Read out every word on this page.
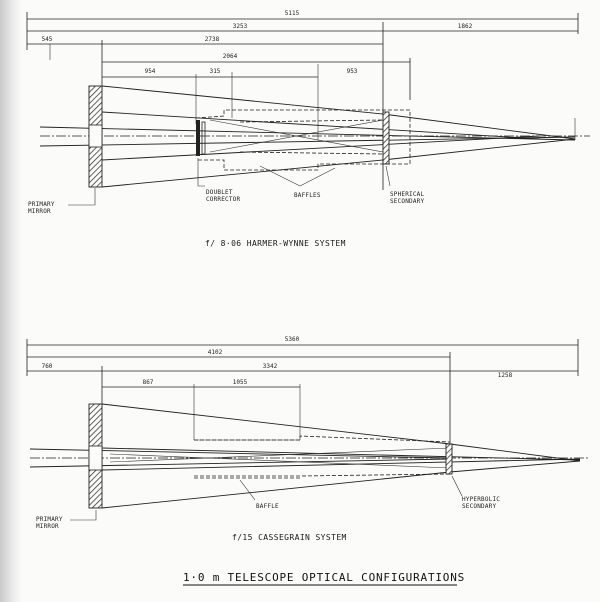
5115
3253	1862
545	2738
2064
954	315	953
PRIMARY
MIRROR
DOUBLET
CORRECTOR
BAFFLES	SPHERICAL
SECONDARY
f/ 8·06 HARMER-WYNNE SYSTEM
5360
4102
760	3342
1258
867	1055
PRIMARY
MIRROR
BAFFLE
HYPERBOLIC
SECONDARY
f/15 CASSEGRAIN SYSTEM
1·0 m TELESCOPE OPTICAL CONFIGURATIONS
